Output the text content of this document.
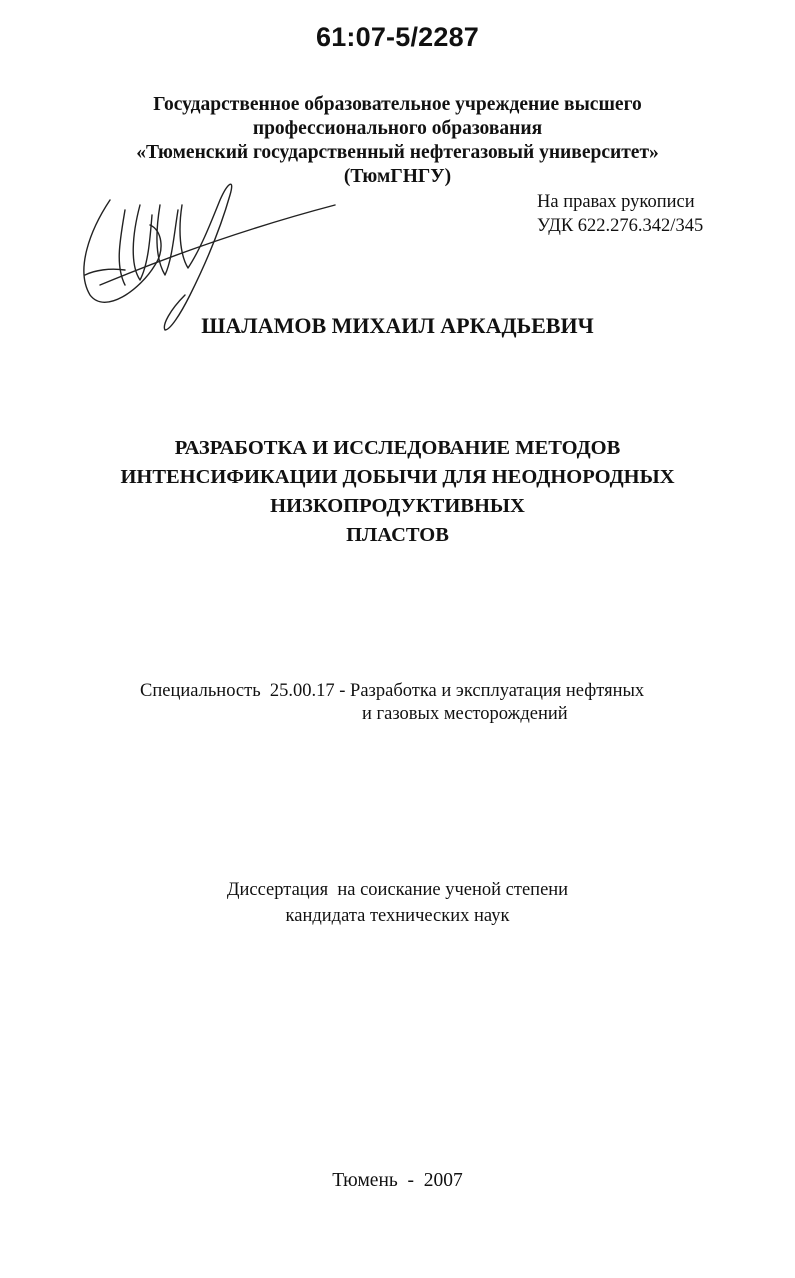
61:07-5/2287
Государственное образовательное учреждение высшего
профессионального образования
«Тюменский государственный нефтегазовый университет»
(ТюмГНГУ)
На правах рукописи
УДК 622.276.342/345
ШАЛАМОВ МИХАИЛ АРКАДЬЕВИЧ
РАЗРАБОТКА И ИССЛЕДОВАНИЕ МЕТОДОВ
ИНТЕНСИФИКАЦИИ ДОБЫЧИ ДЛЯ НЕОДНОРОДНЫХ
НИЗКОПРОДУКТИВНЫХ
ПЛАСТОВ
Специальность  25.00.17 - Разработка и эксплуатация нефтяных
и газовых месторождений
Диссертация  на соискание ученой степени
кандидата технических наук
Тюмень  -  2007
